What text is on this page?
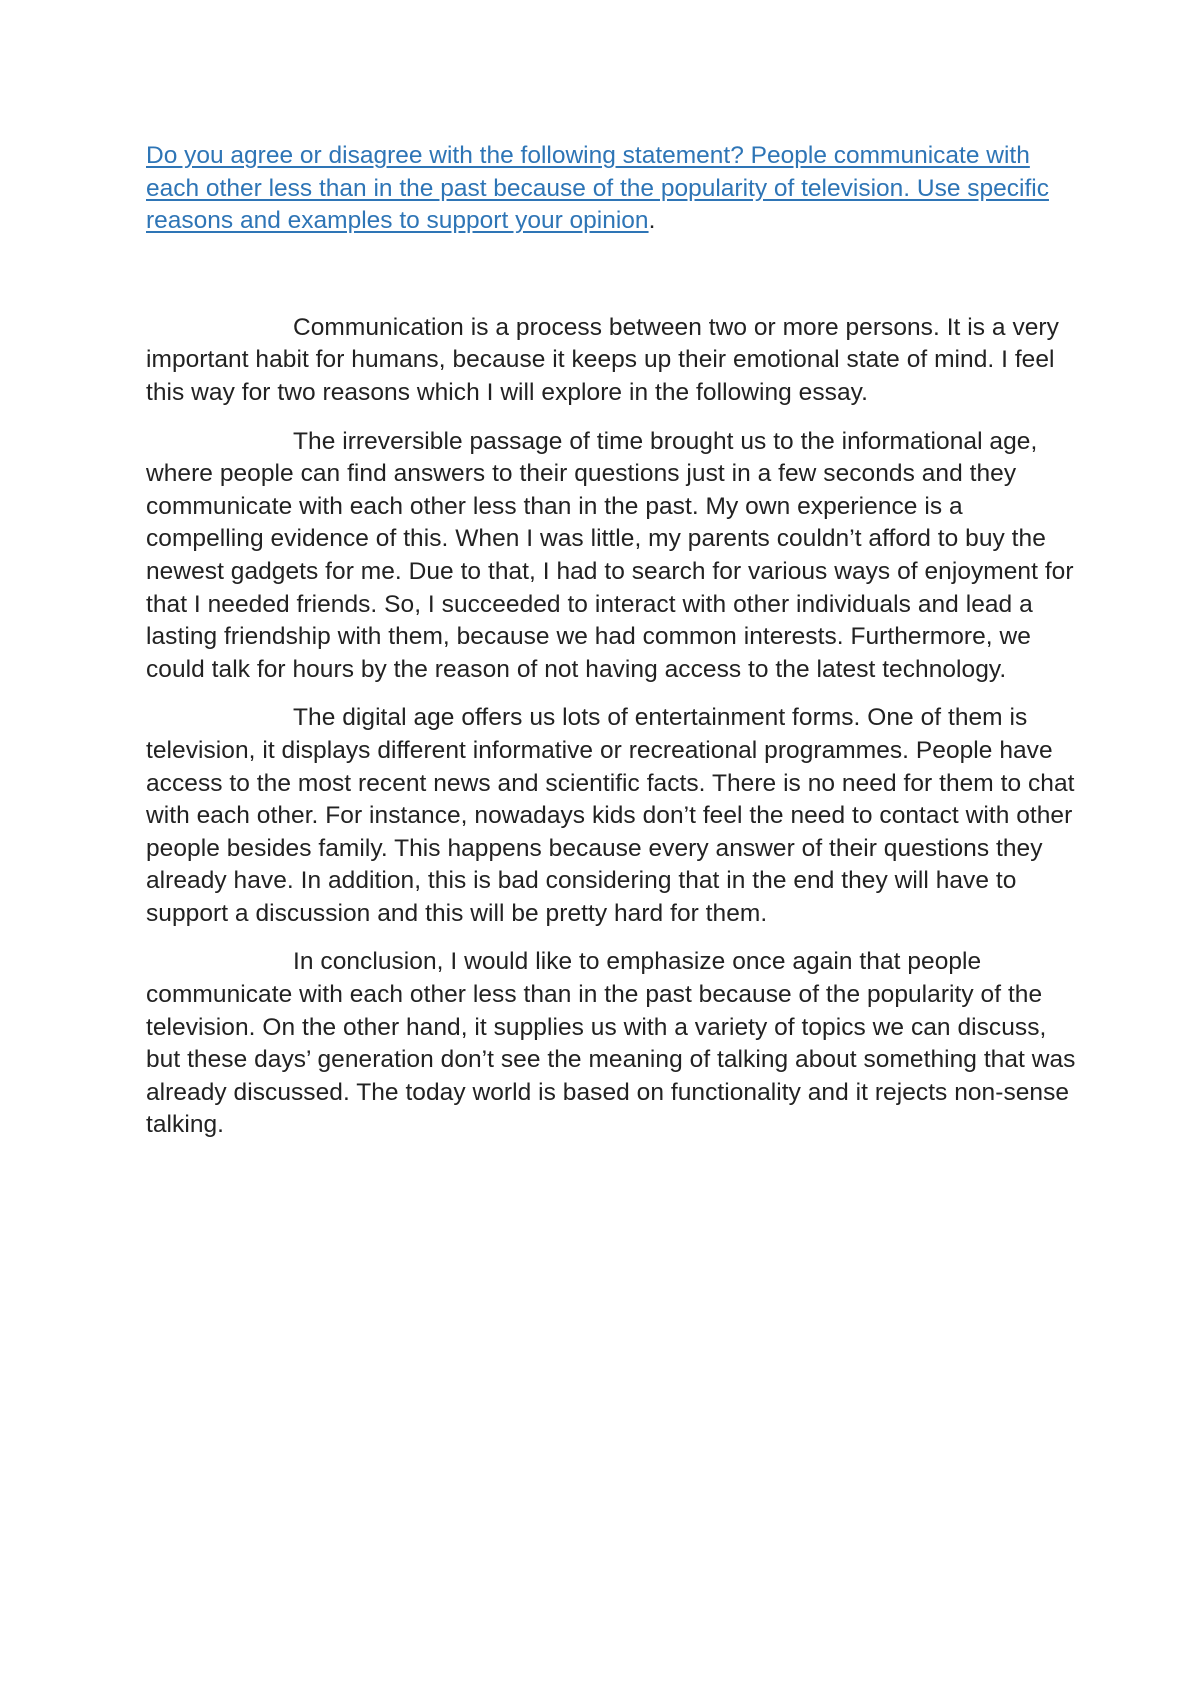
Do you agree or disagree with the following statement? People communicate with each other less than in the past because of the popularity of television. Use specific reasons and examples to support your opinion.

Communication is a process between two or more persons. It is a very important habit for humans, because it keeps up their emotional state of mind. I feel this way for two reasons which I will explore in the following essay.

The irreversible passage of time brought us to the informational age, where people can find answers to their questions just in a few seconds and they communicate with each other less than in the past. My own experience is a compelling evidence of this. When I was little, my parents couldn’t afford to buy the newest gadgets for me. Due to that, I had to search for various ways of enjoyment for that I needed friends. So, I succeeded to interact with other individuals and lead a lasting friendship with them, because we had common interests. Furthermore, we could talk for hours by the reason of not having access to the latest technology.

The digital age offers us lots of entertainment forms. One of them is television, it displays different informative or recreational programmes. People have access to the most recent news and scientific facts. There is no need for them to chat with each other. For instance, nowadays kids don’t feel the need to contact with other people besides family. This happens because every answer of their questions they already have. In addition, this is bad considering that in the end they will have to support a discussion and this will be pretty hard for them.

In conclusion, I would like to emphasize once again that people communicate with each other less than in the past because of the popularity of the television. On the other hand, it supplies us with a variety of topics we can discuss, but these days’ generation don’t see the meaning of talking about something that was already discussed. The today world is based on functionality and it rejects non-sense talking.
